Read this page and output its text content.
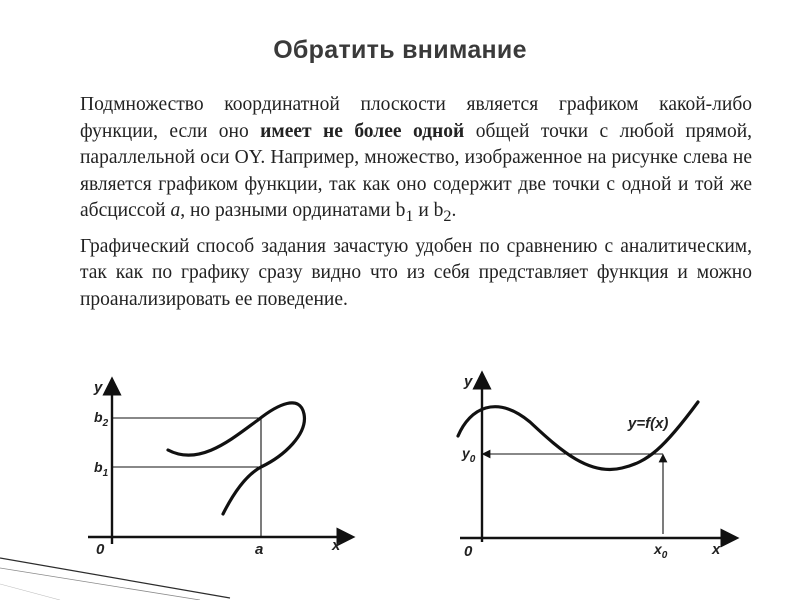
Обратить внимание

Подмножество координатной плоскости является графиком какой-либо функции, если оно имеет не более одной общей точки с любой прямой, параллельной оси OY. Например, множество, изображенное на рисунке слева не является графиком функции, так как оно содержит две точки с одной и той же абсциссой a, но разными ординатами $b_1$ и $b_2$.

Графический способ задания зачастую удобен по сравнению с аналитическим, так как по графику сразу видно что из себя представляет функция и можно проанализировать ее поведение.

y
0	x
a
$b_2$
$b_1$
y
0	x
y=f(x)
$y_0$
$x_0$
